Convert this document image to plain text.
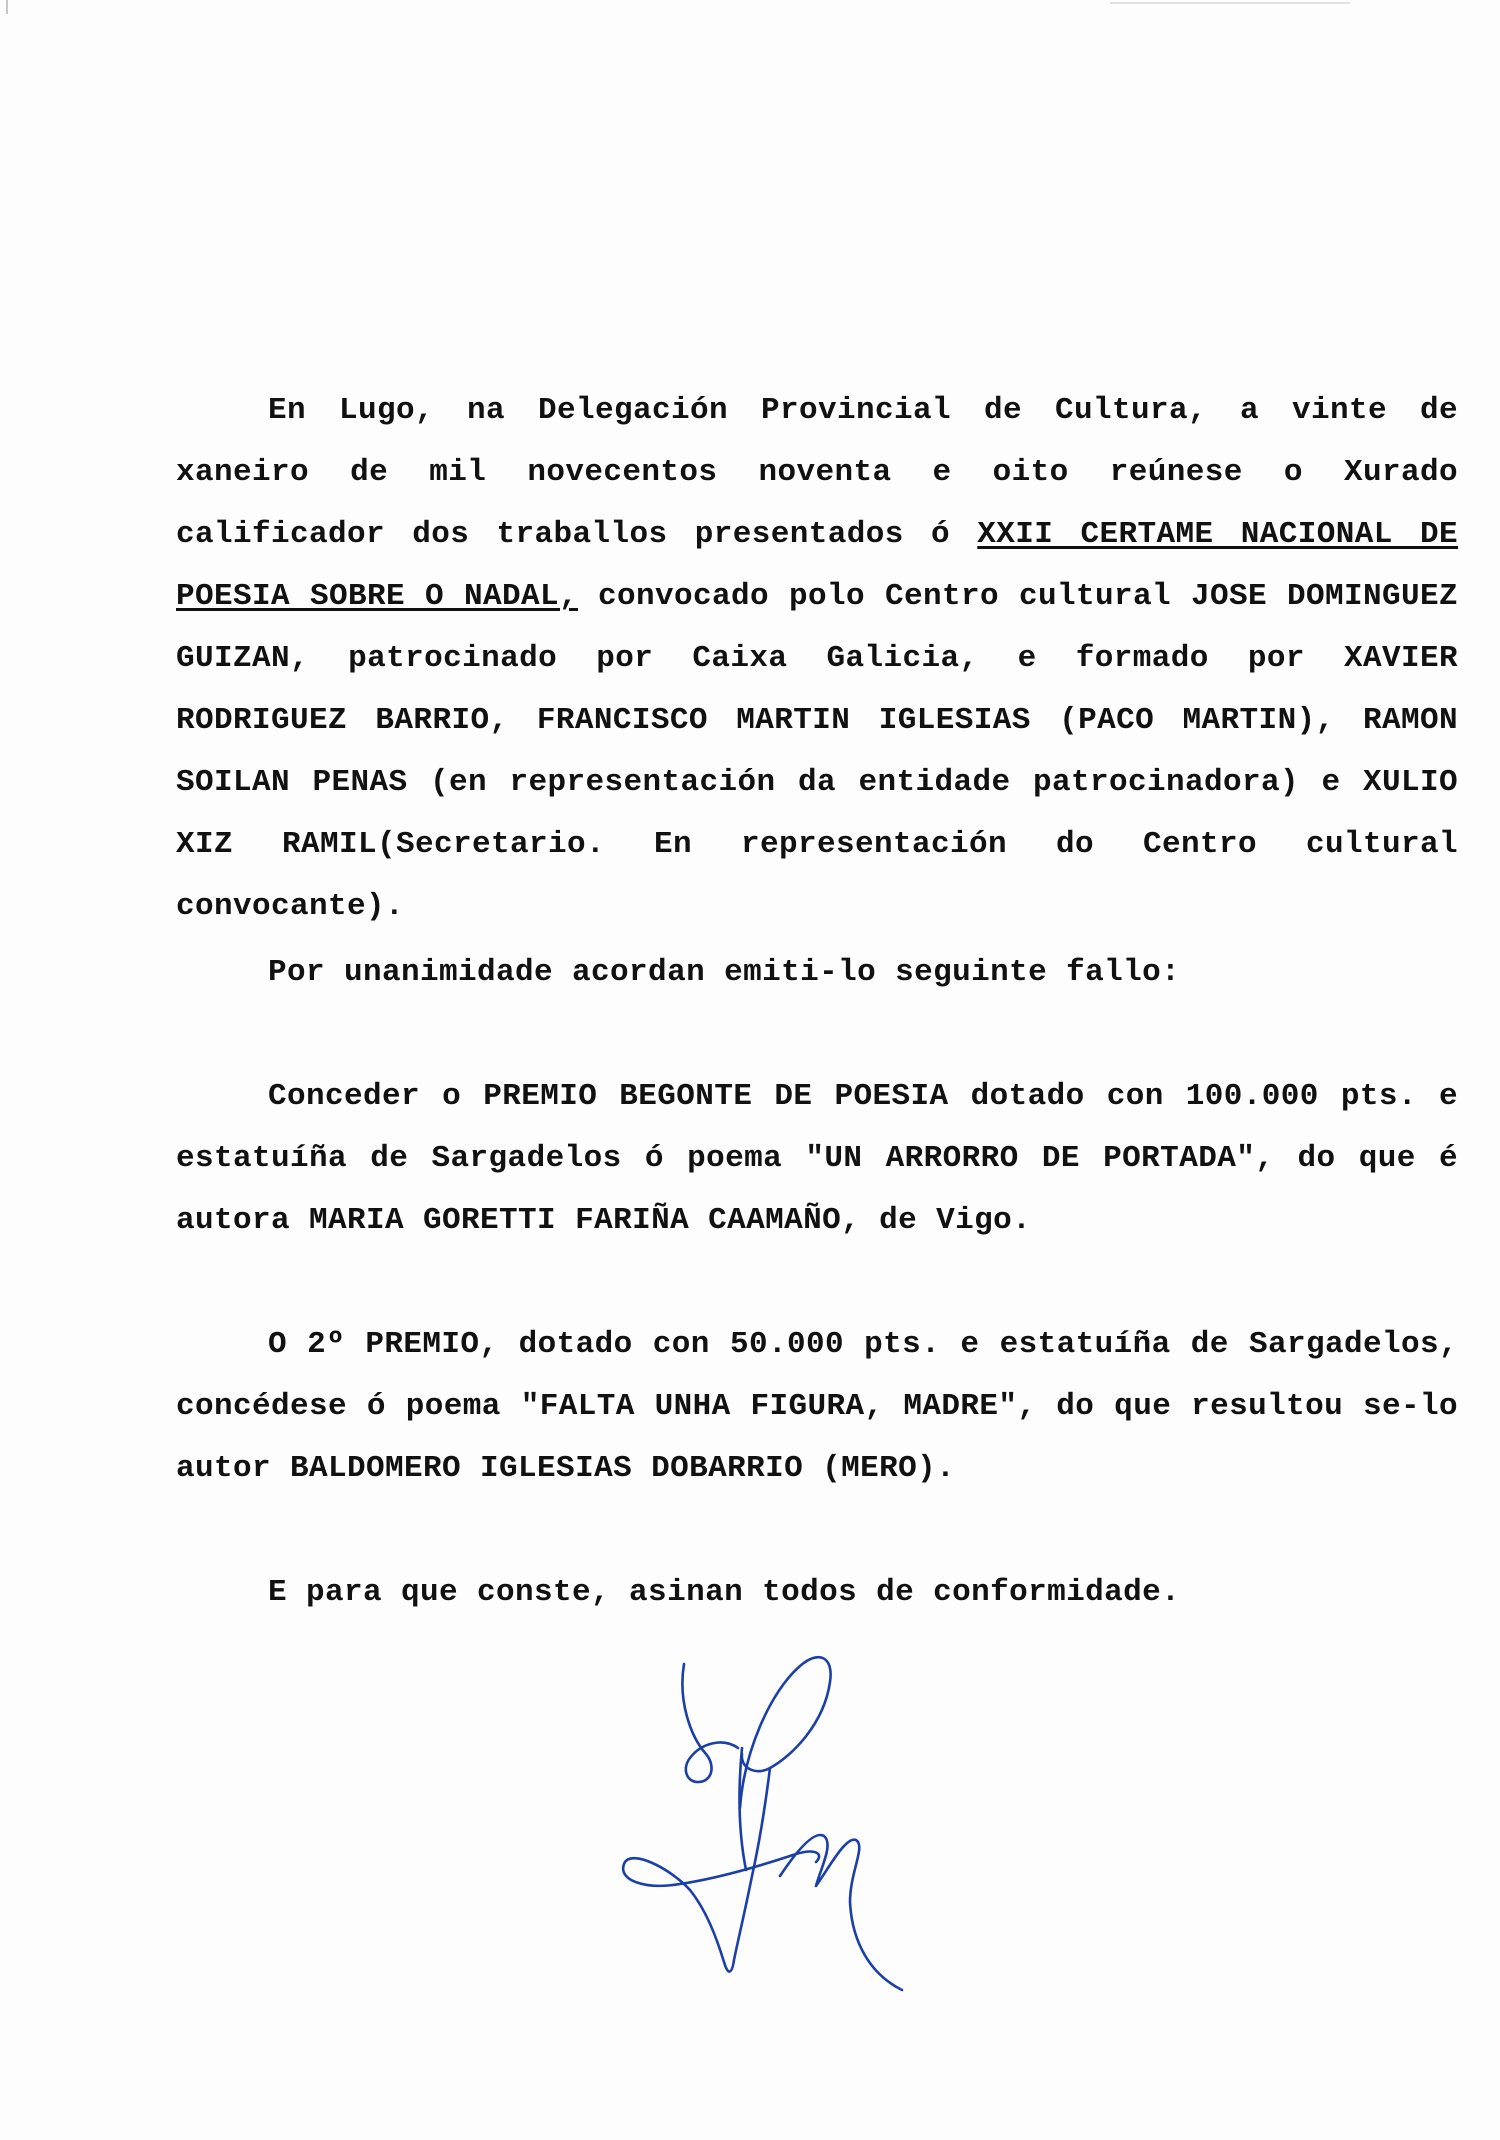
En Lugo, na Delegación Provincial de Cultura, a vinte de xaneiro de mil novecentos noventa e oito reúnese o Xurado calificador dos traballos presentados ó XXII CERTAME NACIONAL DE POESIA SOBRE O NADAL, convocado polo Centro cultural JOSE DOMINGUEZ GUIZAN, patrocinado por Caixa Galicia, e formado por XAVIER RODRIGUEZ BARRIO, FRANCISCO MARTIN IGLESIAS (PACO MARTIN), RAMON SOILAN PENAS (en representación da entidade patrocinadora) e XULIO XIZ RAMIL(Secretario. En representación do Centro cultural convocante).

Por unanimidade acordan emiti-lo seguinte fallo:

Conceder o PREMIO BEGONTE DE POESIA dotado con 100.000 pts. e estatuíña de Sargadelos ó poema "UN ARRORRO DE PORTADA", do que é autora MARIA GORETTI FARIÑA CAAMAÑO, de Vigo.

O 2º PREMIO, dotado con 50.000 pts. e estatuíña de Sargadelos, concédese ó poema "FALTA UNHA FIGURA, MADRE", do que resultou se-lo autor BALDOMERO IGLESIAS DOBARRIO (MERO).

E para que conste, asinan todos de conformidade.
